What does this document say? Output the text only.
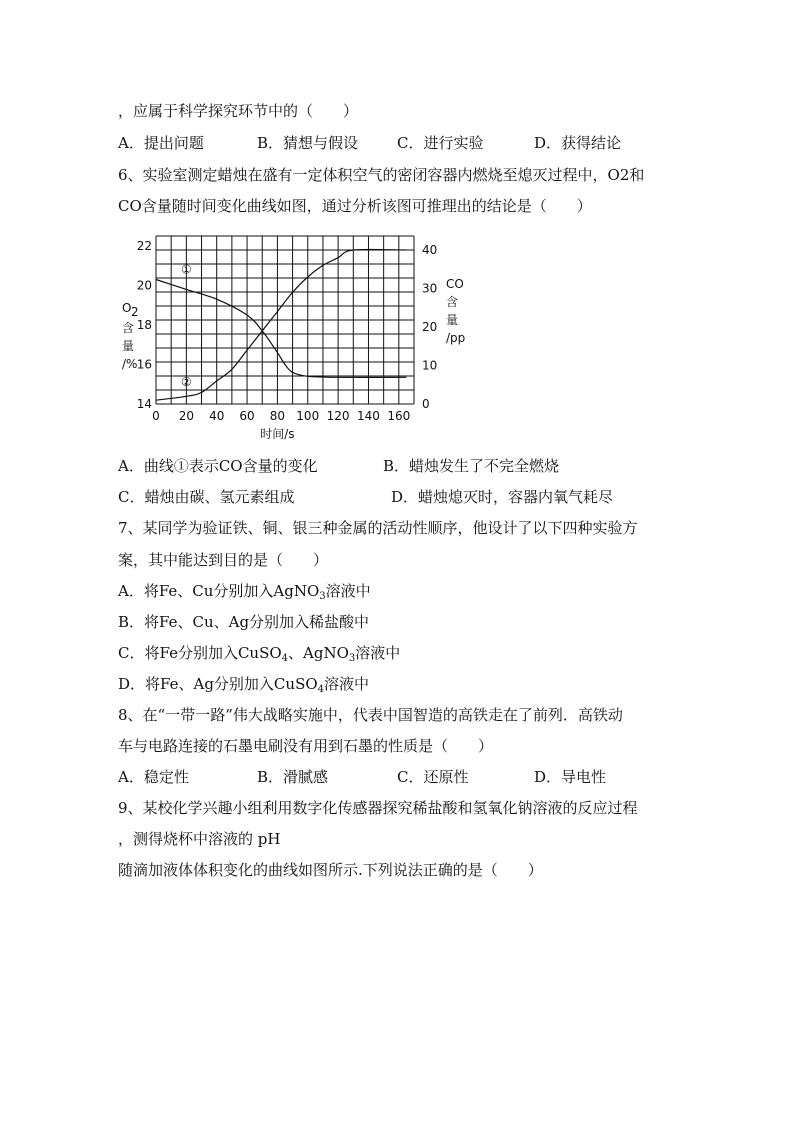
，应属于科学探究环节中的（　　）
A．提出问题	B．猜想与假设	C．进行实验	D．获得结论
6、实验室测定蜡烛在盛有一定体积空气的密闭容器内燃烧至熄灭过程中，O2和
CO含量随时间变化曲线如图，通过分析该图可推理出的结论是（　　）
0 20 40 60 80 100 120 140 160
时间/s
14
16
18
20
22
O 2
含
量
/%
0
10
20
30
40
CO
含
量
/pp
①
②
A．曲线①表示CO含量的变化	B．蜡烛发生了不完全燃烧
C．蜡烛由碳、氢元素组成	D．蜡烛熄灭时，容器内氧气耗尽
7、某同学为验证铁、铜、银三种金属的活动性顺序，他设计了以下四种实验方
案，其中能达到目的是（　　）
A．将Fe、Cu分别加入AgNO$_3$溶液中
B．将Fe、Cu、Ag分别加入稀盐酸中
C．将Fe分别加入CuSO$_4$、AgNO$_3$溶液中
D．将Fe、Ag分别加入CuSO$_4$溶液中
8、在“一带一路”伟大战略实施中，代表中国智造的高铁走在了前列．高铁动
车与电路连接的石墨电刷没有用到石墨的性质是（　　）
A．稳定性	B．滑腻感	C．还原性	D．导电性
9、某校化学兴趣小组利用数字化传感器探究稀盐酸和氢氧化钠溶液的反应过程
，测得烧杯中溶液的 pH
随滴加液体体积变化的曲线如图所示.下列说法正确的是（　　）
